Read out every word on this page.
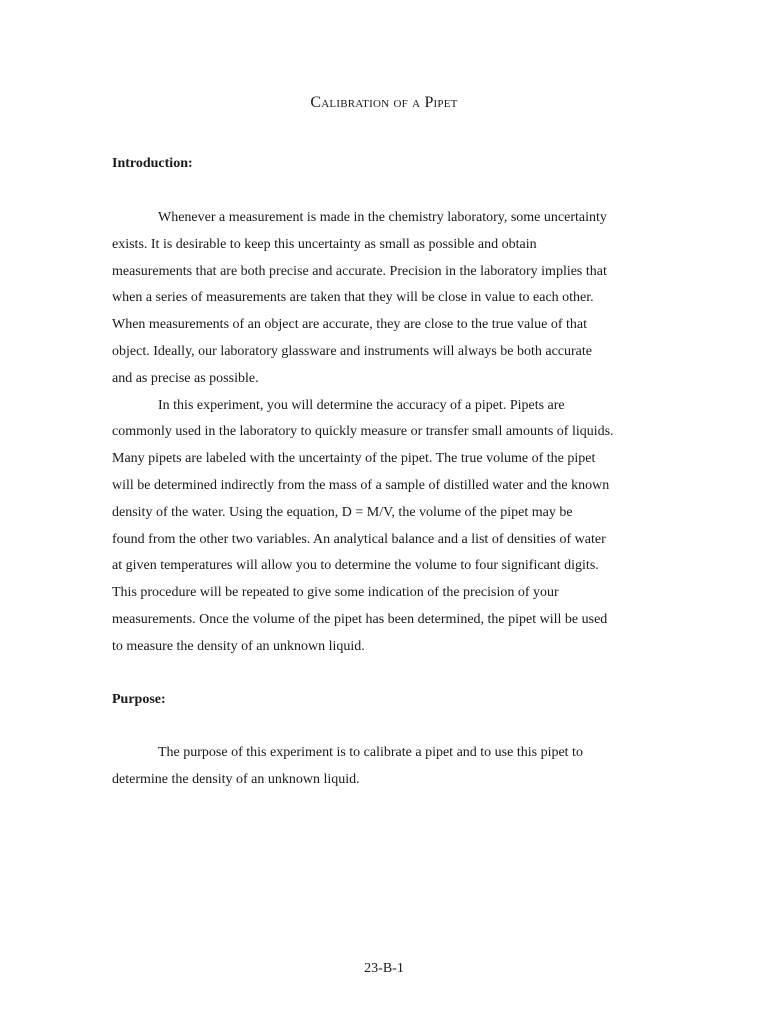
Calibration of a Pipet
Introduction:
Whenever a measurement is made in the chemistry laboratory, some uncertainty
exists. It is desirable to keep this uncertainty as small as possible and obtain
measurements that are both precise and accurate. Precision in the laboratory implies that
when a series of measurements are taken that they will be close in value to each other.
When measurements of an object are accurate, they are close to the true value of that
object. Ideally, our laboratory glassware and instruments will always be both accurate
and as precise as possible.
In this experiment, you will determine the accuracy of a pipet. Pipets are
commonly used in the laboratory to quickly measure or transfer small amounts of liquids.
Many pipets are labeled with the uncertainty of the pipet. The true volume of the pipet
will be determined indirectly from the mass of a sample of distilled water and the known
density of the water. Using the equation, D = M/V, the volume of the pipet may be
found from the other two variables. An analytical balance and a list of densities of water
at given temperatures will allow you to determine the volume to four significant digits.
This procedure will be repeated to give some indication of the precision of your
measurements. Once the volume of the pipet has been determined, the pipet will be used
to measure the density of an unknown liquid.
Purpose:
The purpose of this experiment is to calibrate a pipet and to use this pipet to
determine the density of an unknown liquid.
23-B-1
